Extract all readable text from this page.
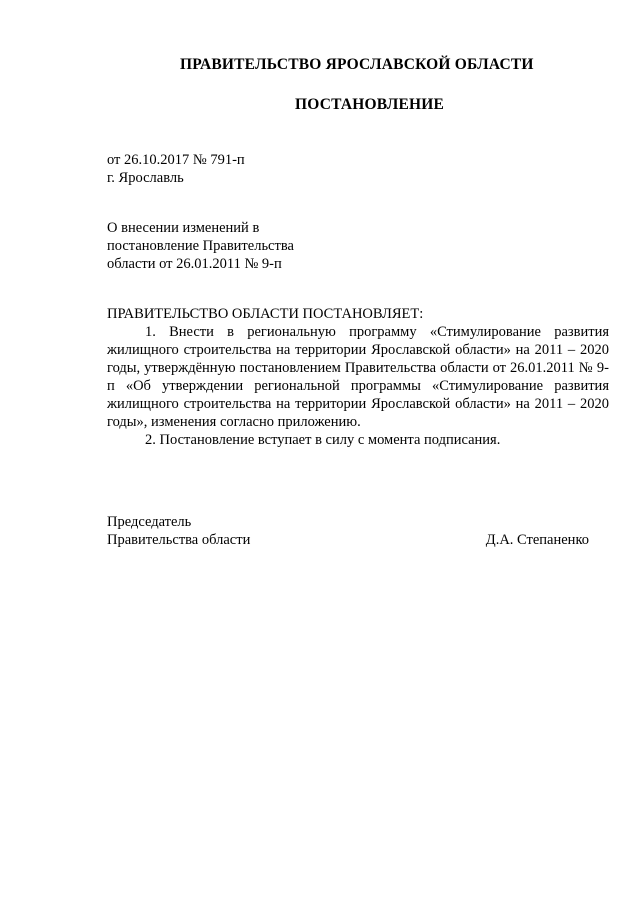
ПРАВИТЕЛЬСТВО ЯРОСЛАВСКОЙ ОБЛАСТИ
ПОСТАНОВЛЕНИЕ
от 26.10.2017 № 791-п
г. Ярославль
О внесении изменений в
постановление Правительства
области от 26.01.2011 № 9-п
ПРАВИТЕЛЬСТВО ОБЛАСТИ ПОСТАНОВЛЯЕТ:

1. Внести в региональную программу «Стимулирование развития жилищного строительства на территории Ярославской области» на 2011 – 2020 годы, утверждённую постановлением Правительства области от 26.01.2011 № 9-п «Об утверждении региональной программы «Стимулирование развития жилищного строительства на территории Ярославской области» на 2011 – 2020 годы», изменения согласно приложению.

2. Постановление вступает в силу с момента подписания.

Председатель
Правительства области	Д.А. Степаненко
